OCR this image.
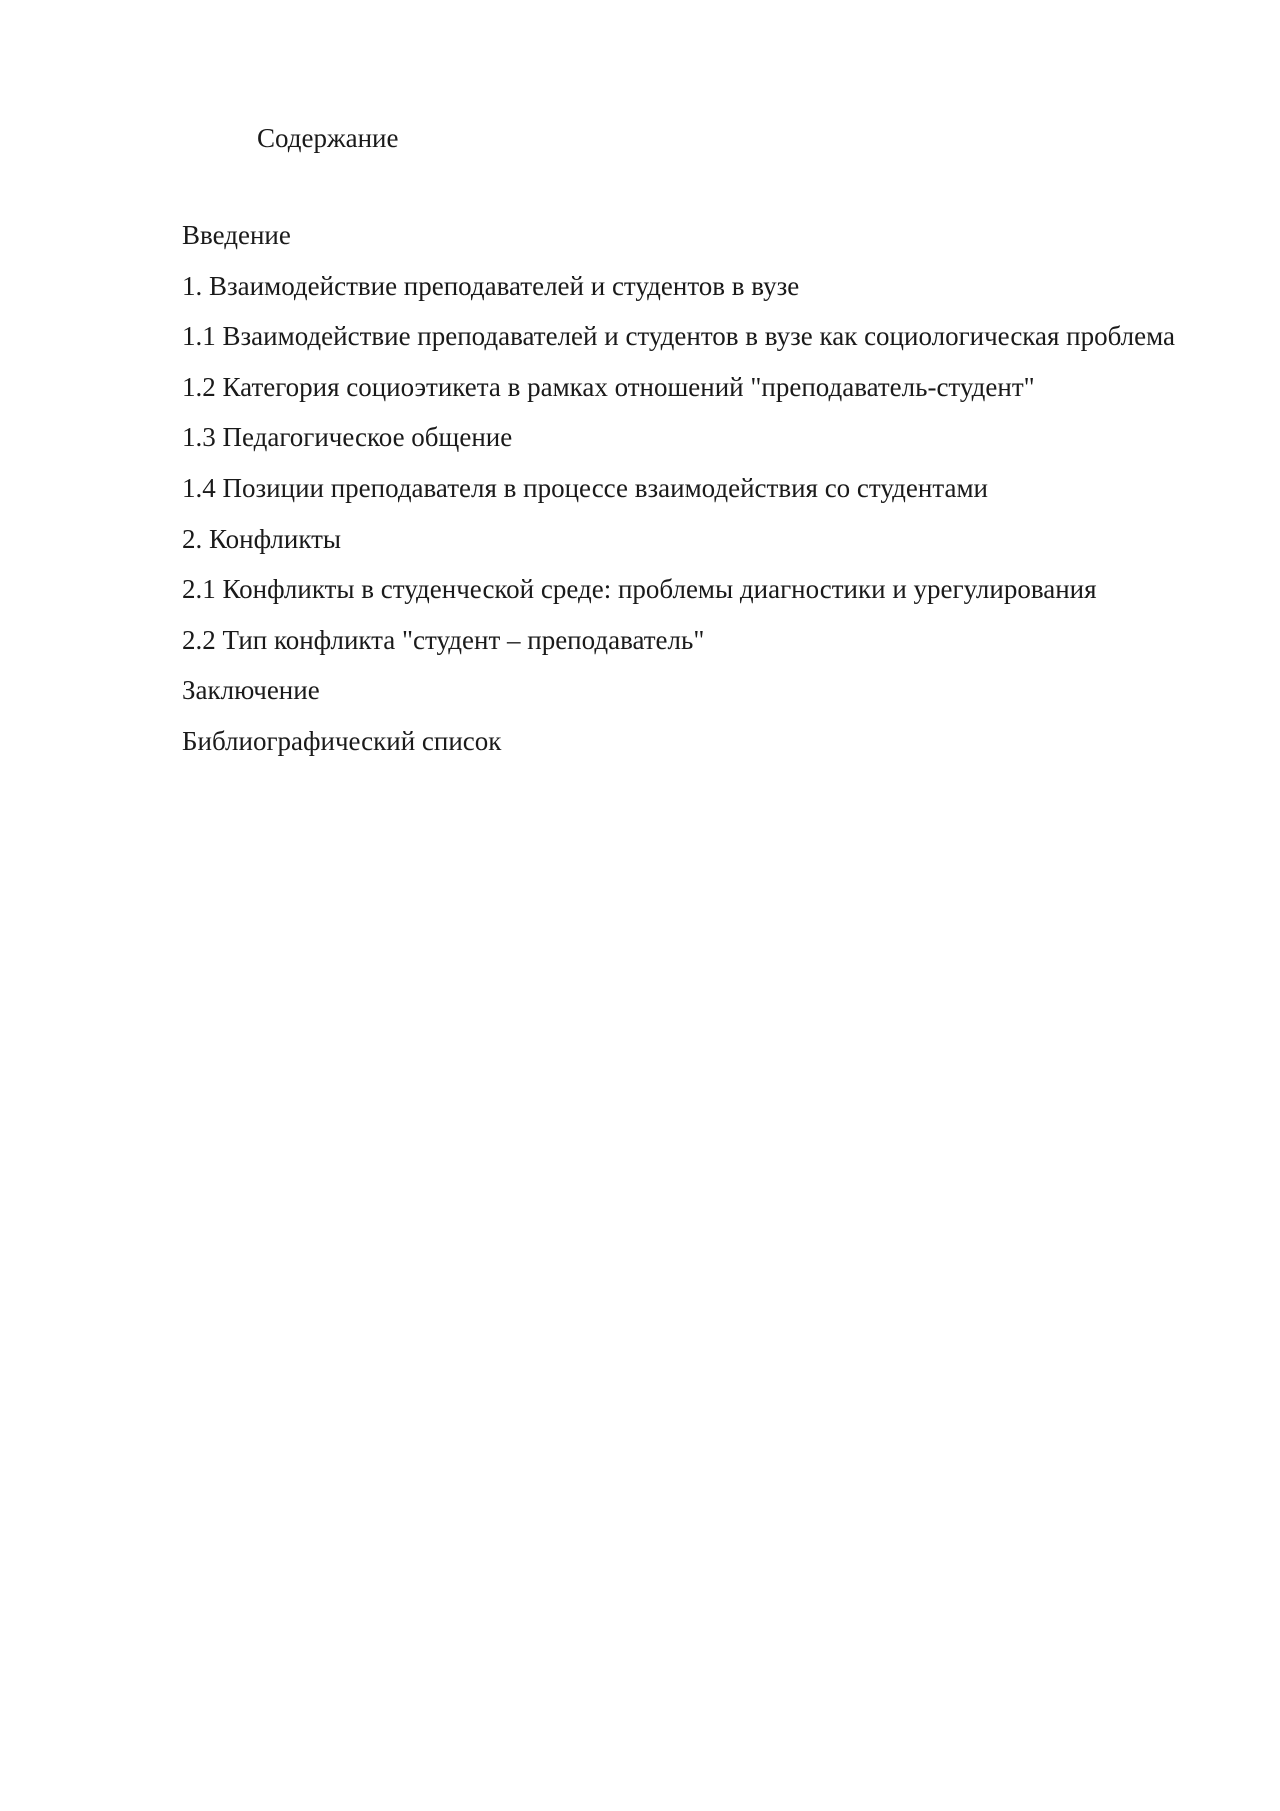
Содержание
Введение
1. Взаимодействие преподавателей и студентов в вузе
1.1 Взаимодействие преподавателей и студентов в вузе как социологическая проблема
1.2 Категория социоэтикета в рамках отношений "преподаватель-студент"
1.3 Педагогическое общение
1.4 Позиции преподавателя в процессе взаимодействия со студентами
2. Конфликты
2.1 Конфликты в студенческой среде: проблемы диагностики и урегулирования
2.2 Тип конфликта "студент – преподаватель"
Заключение
Библиографический список
